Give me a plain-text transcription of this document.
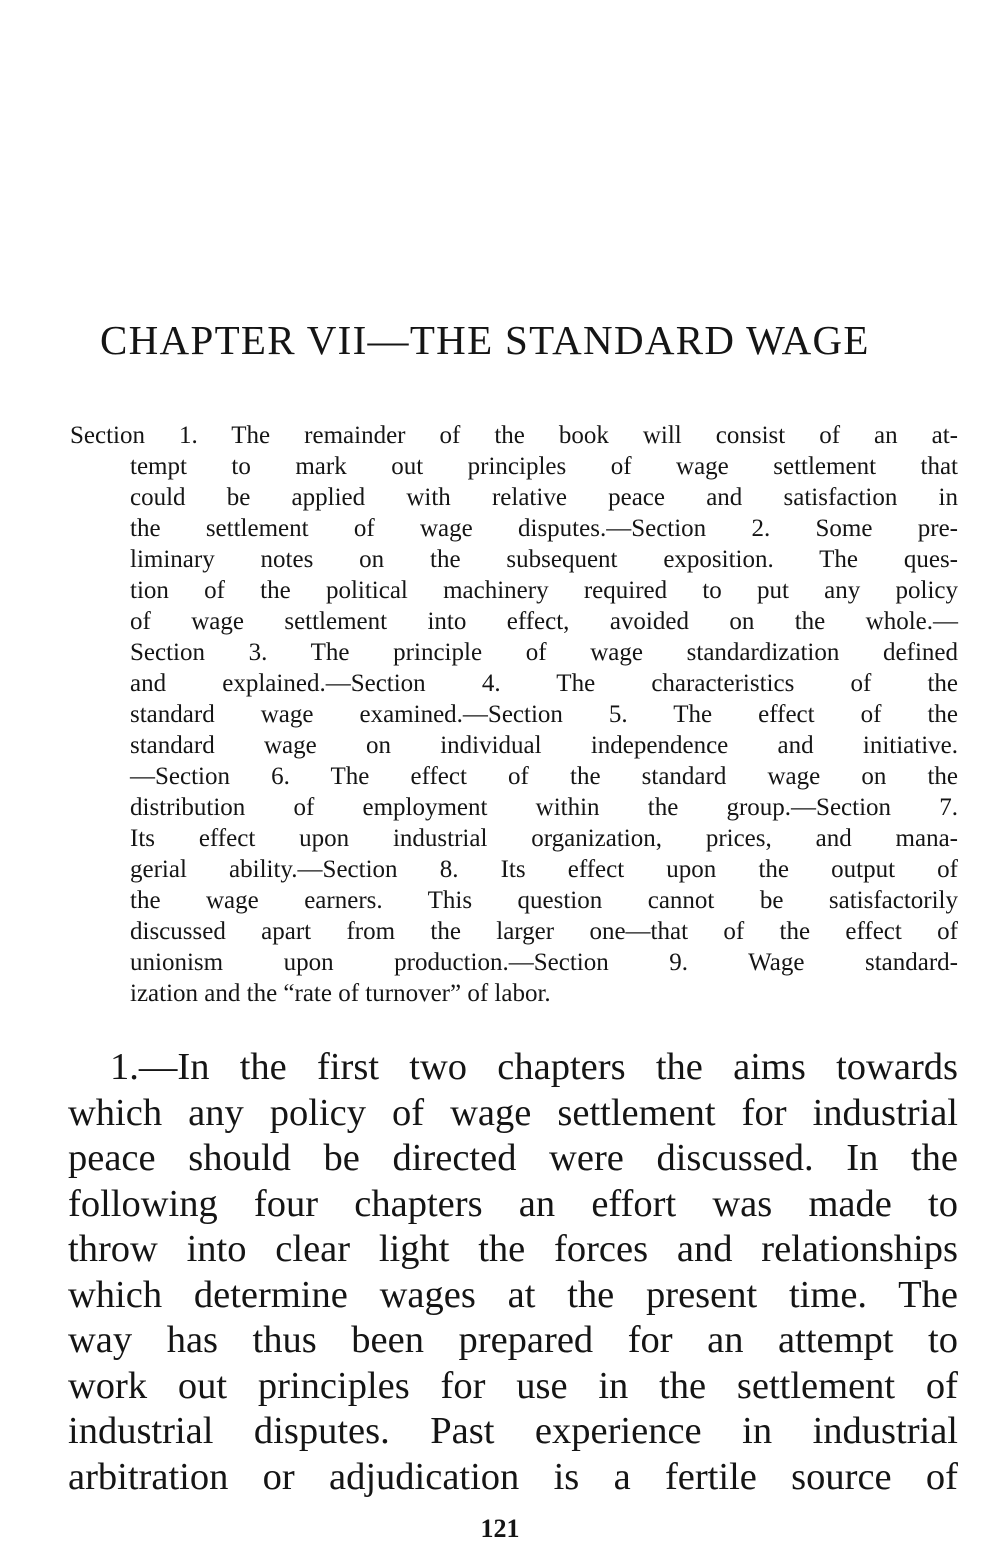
CHAPTER VII—THE STANDARD WAGE
Section 1. The remainder of the book will consist of an at-
tempt to mark out principles of wage settlement that
could be applied with relative peace and satisfaction in
the settlement of wage disputes.—Section 2. Some pre-
liminary notes on the subsequent exposition. The ques-
tion of the political machinery required to put any policy
of wage settlement into effect, avoided on the whole.—
Section 3. The principle of wage standardization defined
and explained.—Section 4. The characteristics of the
standard wage examined.—Section 5. The effect of the
standard wage on individual independence and initiative.
—Section 6. The effect of the standard wage on the
distribution of employment within the group.—Section 7.
Its effect upon industrial organization, prices, and mana-
gerial ability.—Section 8. Its effect upon the output of
the wage earners. This question cannot be satisfactorily
discussed apart from the larger one—that of the effect of
unionism upon production.—Section 9. Wage standard-
ization and the “rate of turnover” of labor.
1.—In the first two chapters the aims towards
which any policy of wage settlement for industrial
peace should be directed were discussed. In the
following four chapters an effort was made to
throw into clear light the forces and relationships
which determine wages at the present time. The
way has thus been prepared for an attempt to
work out principles for use in the settlement of
industrial disputes. Past experience in industrial
arbitration or adjudication is a fertile source of
121
